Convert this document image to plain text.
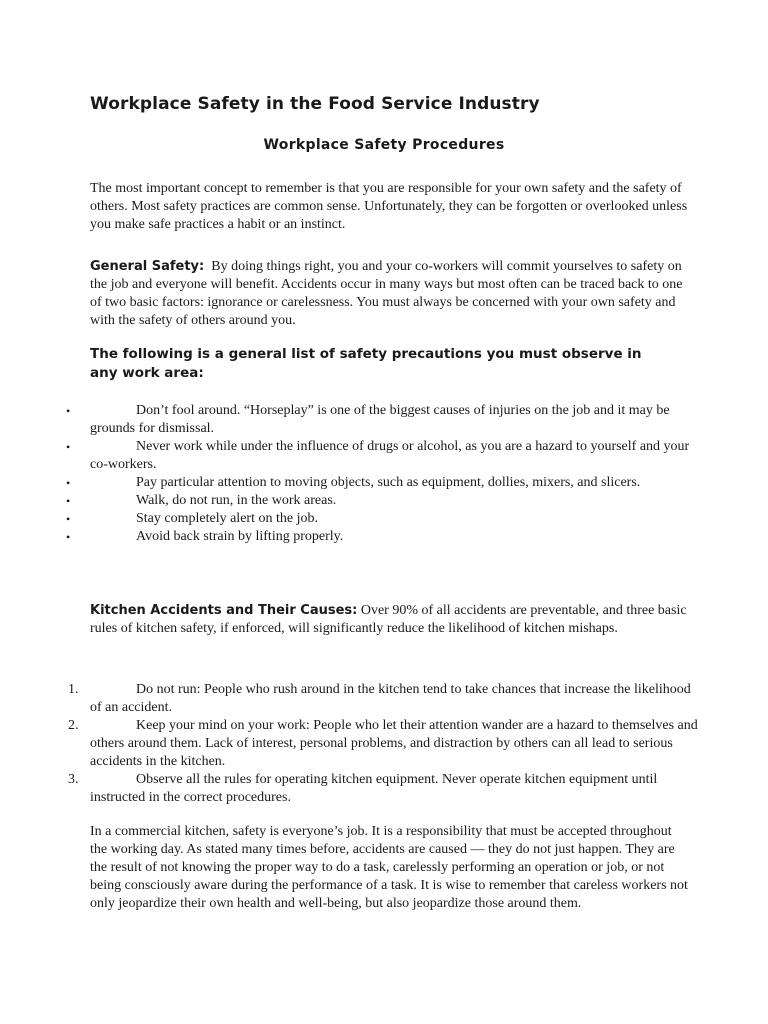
Workplace Safety in the Food Service Industry
Workplace Safety Procedures

The most important concept to remember is that you are responsible for your own safety and the safety of others. Most safety practices are common sense. Unfortunately, they can be forgotten or overlooked unless you make safe practices a habit or an instinct.

General Safety: By doing things right, you and your co-workers will commit yourselves to safety on the job and everyone will benefit. Accidents occur in many ways but most often can be traced back to one of two basic factors: ignorance or carelessness. You must always be concerned with your own safety and with the safety of others around you.

The following is a general list of safety precautions you must observe in any work area:

•	Don’t fool around. “Horseplay” is one of the biggest causes of injuries on the job and it may be grounds for dismissal.
•	Never work while under the influence of drugs or alcohol, as you are a hazard to yourself and your co-workers.
•	Pay particular attention to moving objects, such as equipment, dollies, mixers, and slicers.
•	Walk, do not run, in the work areas.
•	Stay completely alert on the job.
•	Avoid back strain by lifting properly.

Kitchen Accidents and Their Causes: Over 90% of all accidents are preventable, and three basic rules of kitchen safety, if enforced, will significantly reduce the likelihood of kitchen mishaps.

1.	Do not run: People who rush around in the kitchen tend to take chances that increase the likelihood of an accident.
2.	Keep your mind on your work: People who let their attention wander are a hazard to themselves and others around them. Lack of interest, personal problems, and distraction by others can all lead to serious accidents in the kitchen.
3.	Observe all the rules for operating kitchen equipment. Never operate kitchen equipment until instructed in the correct procedures.

In a commercial kitchen, safety is everyone’s job. It is a responsibility that must be accepted throughout the working day. As stated many times before, accidents are caused — they do not just happen. They are the result of not knowing the proper way to do a task, carelessly performing an operation or job, or not being consciously aware during the performance of a task. It is wise to remember that careless workers not only jeopardize their own health and well-being, but also jeopardize those around them.
